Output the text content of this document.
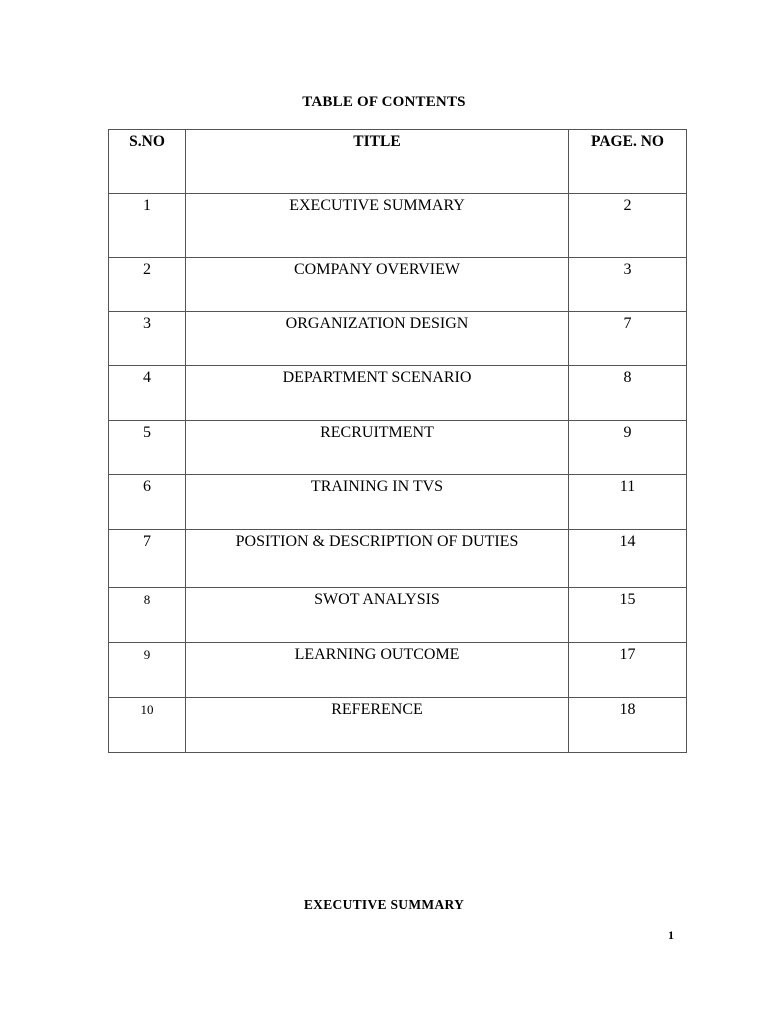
TABLE OF CONTENTS
S.NO	TITLE	PAGE. NO
1	EXECUTIVE SUMMARY	2
2	COMPANY OVERVIEW	3
3	ORGANIZATION DESIGN	7
4	DEPARTMENT SCENARIO	8
5	RECRUITMENT	9
6	TRAINING IN TVS	11
7	POSITION & DESCRIPTION OF DUTIES	14
8	SWOT ANALYSIS	15
9	LEARNING OUTCOME	17
10	REFERENCE	18
EXECUTIVE SUMMARY
1
